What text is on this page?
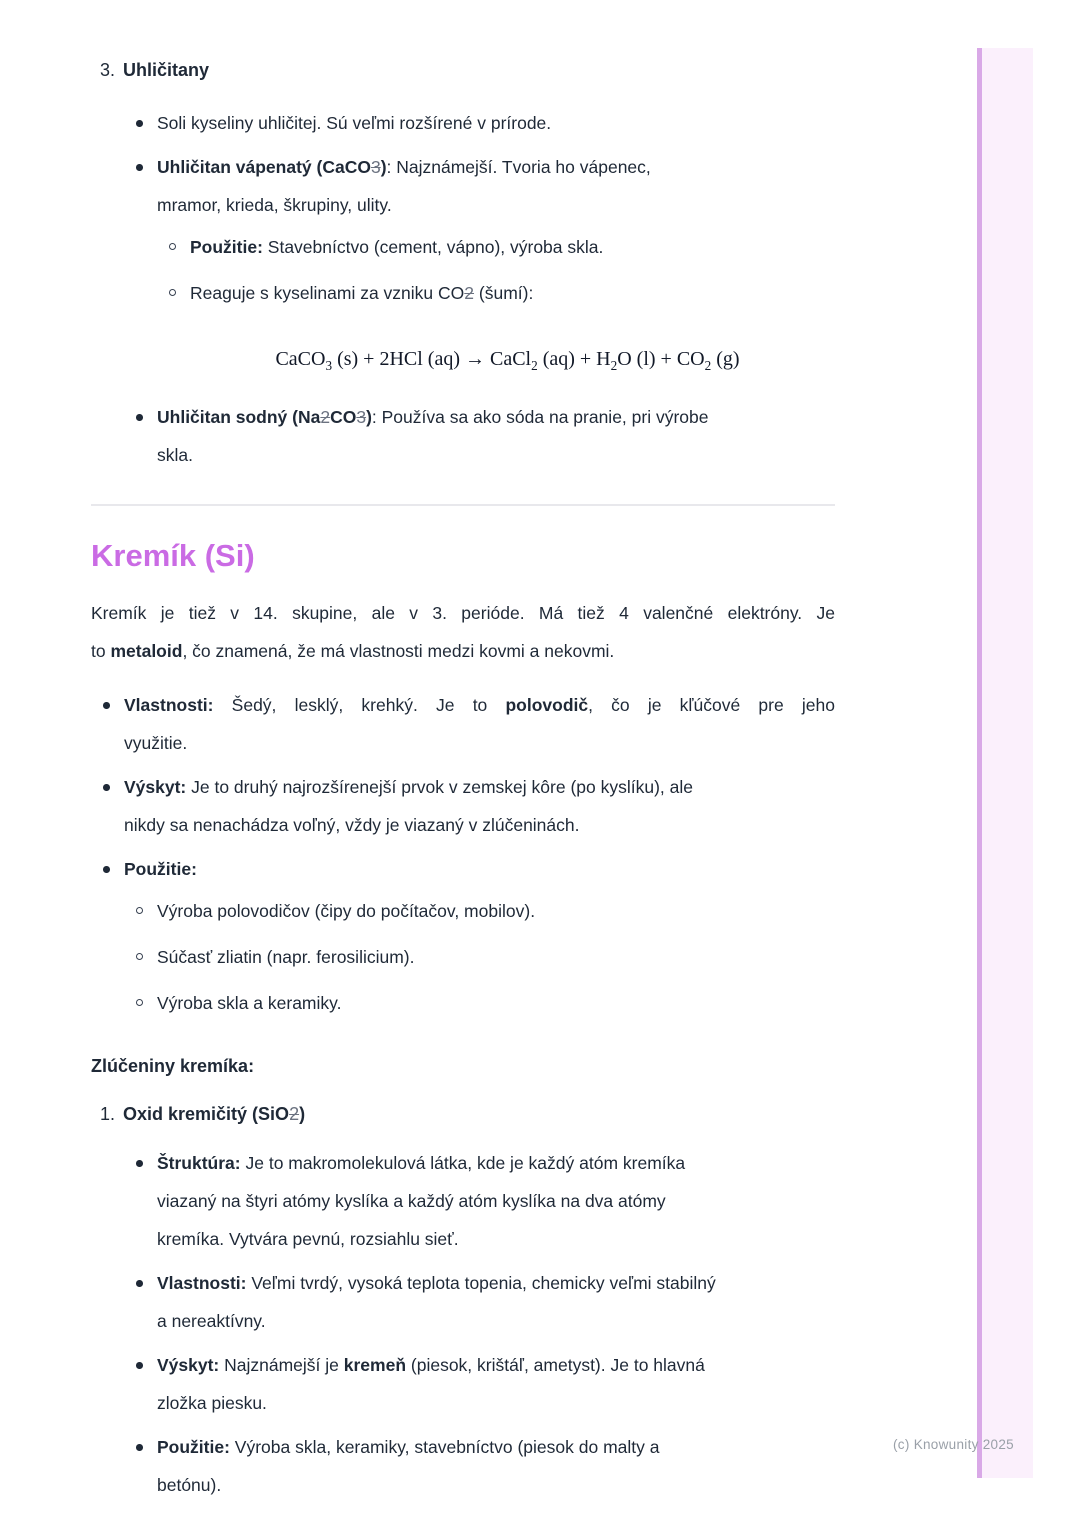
3. Uhličitany
Soli kyseliny uhličitej. Sú veľmi rozšírené v prírode.
Uhličitan vápenatý (CaCO3): Najznámejší. Tvoria ho vápenec,
mramor, krieda, škrupiny, ulity.
Použitie: Stavebníctvo (cement, vápno), výroba skla.
Reaguje s kyselinami za vzniku CO2 (šumí):
CaCO$_3$ (s) + 2HCl (aq) → CaCl$_2$ $(aq) + H_2O$ $(l) + CO_2$ (g)
Uhličitan sodný (Na2CO3): Používa sa ako sóda na pranie, pri výrobe
skla.
Kremík (Si)
Kremík je tiež v 14. skupine, ale v 3. perióde. Má tiež 4 valenčné elektróny. Je
to metaloid, čo znamená, že má vlastnosti medzi kovmi a nekovmi.
Vlastnosti: Šedý, lesklý, krehký. Je to polovodič, čo je kľúčové pre jeho
využitie.
Výskyt: Je to druhý najrozšírenejší prvok v zemskej kôre (po kyslíku), ale
nikdy sa nenachádza voľný, vždy je viazaný v zlúčeninách.
Použitie:
Výroba polovodičov (čipy do počítačov, mobilov).
Súčasť zliatin (napr. ferosilicium).
Výroba skla a keramiky.
Zlúčeniny kremíka:
1. Oxid kremičitý (SiO2)
Štruktúra: Je to makromolekulová látka, kde je každý atóm kremíka
viazaný na štyri atómy kyslíka a každý atóm kyslíka na dva atómy
kremíka. Vytvára pevnú, rozsiahlu sieť.
Vlastnosti: Veľmi tvrdý, vysoká teplota topenia, chemicky veľmi stabilný
a nereaktívny.
Výskyt: Najznámejší je kremeň (piesok, krištáľ, ametyst). Je to hlavná
zložka piesku.
Použitie: Výroba skla, keramiky, stavebníctvo (piesok do malty a
betónu).
(c) Knowunity 2025
